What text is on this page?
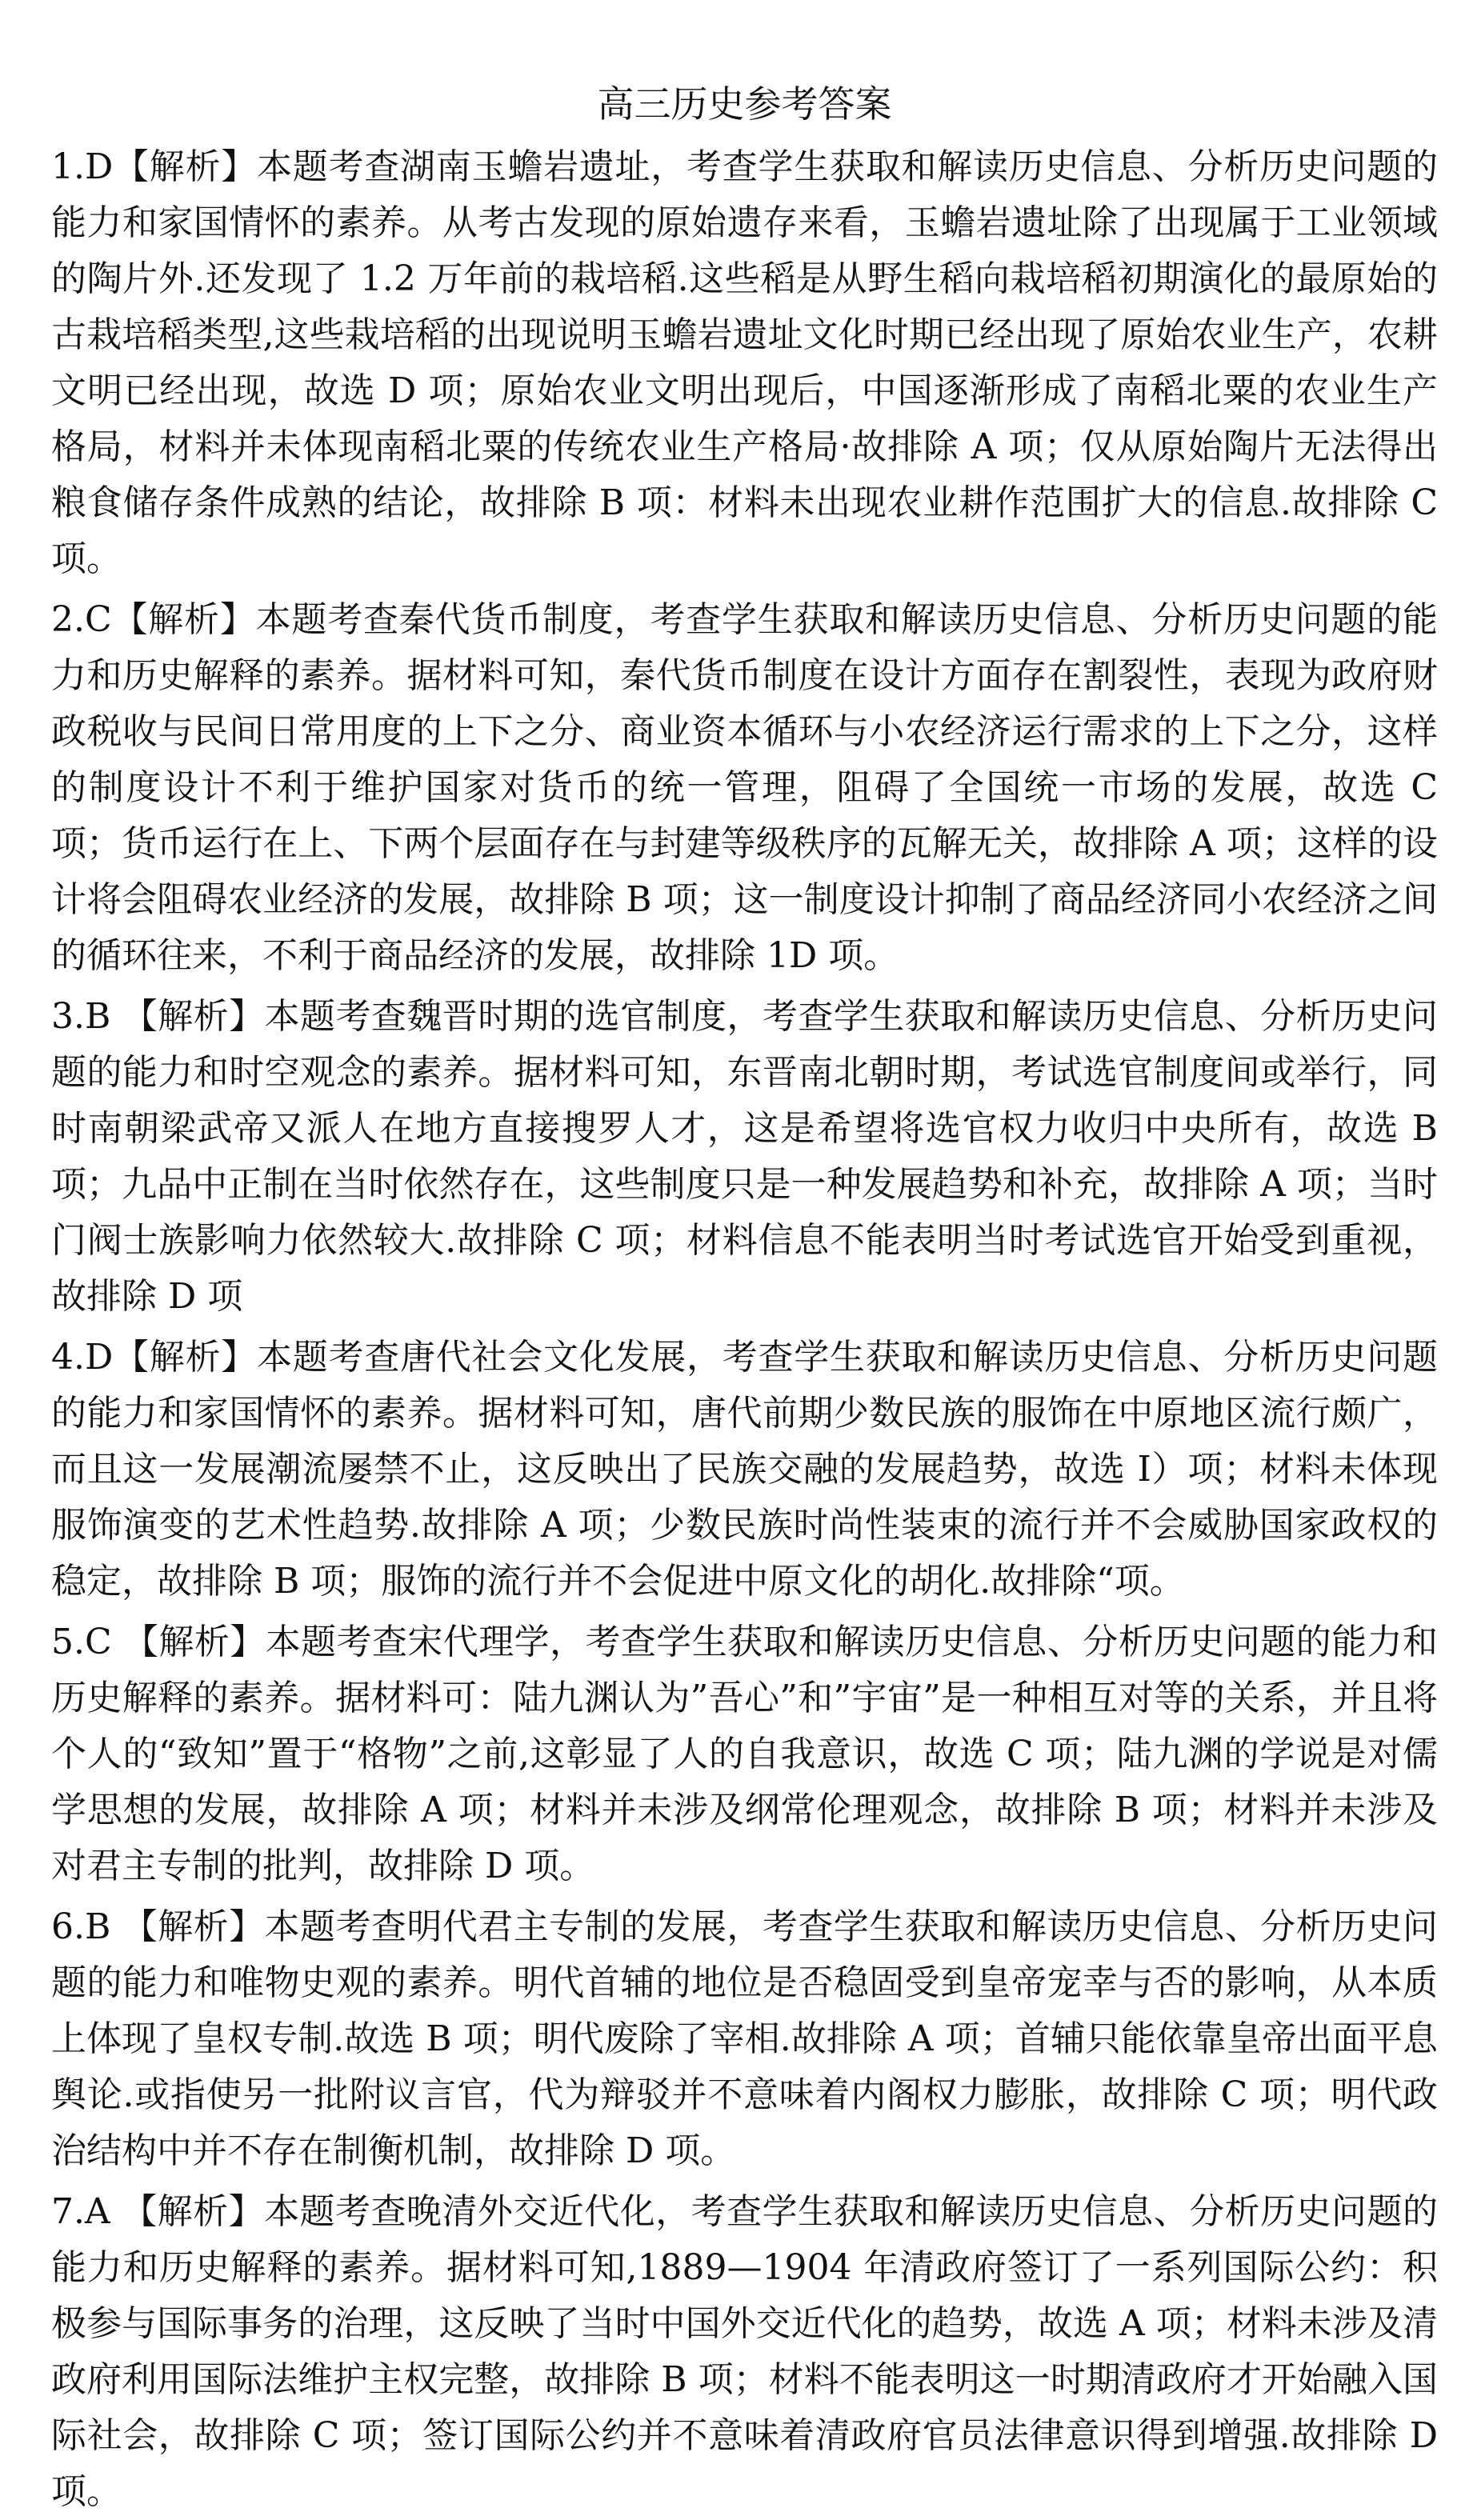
高三历史参考答案

1.D【解析】本题考查湖南玉蟾岩遗址，考查学生获取和解读历史信息、分析历史问题的能力和家国情怀的素养。从考古发现的原始遗存来看，玉蟾岩遗址除了出现属于工业领域的陶片外.还发现了 1.2 万年前的栽培稻.这些稻是从野生稻向栽培稻初期演化的最原始的古栽培稻类型,这些栽培稻的出现说明玉蟾岩遗址文化时期已经出现了原始农业生产，农耕文明已经出现，故选 D 项；原始农业文明出现后，中国逐渐形成了南稻北粟的农业生产格局，材料并未体现南稻北粟的传统农业生产格局·故排除 A 项；仅从原始陶片无法得出粮食储存条件成熟的结论，故排除 B 项：材料未出现农业耕作范围扩大的信息.故排除 C 项。

2.C【解析】本题考查秦代货币制度，考查学生获取和解读历史信息、分析历史问题的能力和历史解释的素养。据材料可知，秦代货币制度在设计方面存在割裂性，表现为政府财政税收与民间日常用度的上下之分、商业资本循环与小农经济运行需求的上下之分，这样的制度设计不利于维护国家对货币的统一管理，阻碍了全国统一市场的发展，故选 C 项；货币运行在上、下两个层面存在与封建等级秩序的瓦解无关，故排除 A 项；这样的设计将会阻碍农业经济的发展，故排除 B 项；这一制度设计抑制了商品经济同小农经济之间的循环往来，不利于商品经济的发展，故排除 1D 项。

3.B 【解析】本题考查魏晋时期的选官制度，考查学生获取和解读历史信息、分析历史问题的能力和时空观念的素养。据材料可知，东晋南北朝时期，考试选官制度间或举行，同时南朝梁武帝又派人在地方直接搜罗人才，这是希望将选官权力收归中央所有，故选 B 项；九品中正制在当时依然存在，这些制度只是一种发展趋势和补充，故排除 A 项；当时门阀士族影响力依然较大.故排除 C 项；材料信息不能表明当时考试选官开始受到重视，故排除 D 项

4.D【解析】本题考查唐代社会文化发展，考查学生获取和解读历史信息、分析历史问题的能力和家国情怀的素养。据材料可知，唐代前期少数民族的服饰在中原地区流行颇广，而且这一发展潮流屡禁不止，这反映出了民族交融的发展趋势，故选 I）项；材料未体现服饰演变的艺术性趋势.故排除 A 项；少数民族时尚性装束的流行并不会威胁国家政权的稳定，故排除 B 项；服饰的流行并不会促进中原文化的胡化.故排除“项。

5.C 【解析】本题考查宋代理学，考查学生获取和解读历史信息、分析历史问题的能力和历史解释的素养。据材料可：陆九渊认为”吾心”和”宇宙”是一种相互对等的关系，并且将个人的“致知”置于“格物”之前,这彰显了人的自我意识，故选 C 项；陆九渊的学说是对儒学思想的发展，故排除 A 项；材料并未涉及纲常伦理观念，故排除 B 项；材料并未涉及对君主专制的批判，故排除 D 项。

6.B 【解析】本题考查明代君主专制的发展，考查学生获取和解读历史信息、分析历史问题的能力和唯物史观的素养。明代首辅的地位是否稳固受到皇帝宠幸与否的影响，从本质上体现了皇权专制.故选 B 项；明代废除了宰相.故排除 A 项；首辅只能依靠皇帝出面平息舆论.或指使另一批附议言官，代为辩驳并不意味着内阁权力膨胀，故排除 C 项；明代政治结构中并不存在制衡机制，故排除 D 项。

7.A 【解析】本题考查晚清外交近代化，考查学生获取和解读历史信息、分析历史问题的能力和历史解释的素养。据材料可知,1889—1904 年清政府签订了一系列国际公约：积极参与国际事务的治理，这反映了当时中国外交近代化的趋势，故选 A 项；材料未涉及清政府利用国际法维护主权完整，故排除 B 项；材料不能表明这一时期清政府才开始融入国际社会，故排除 C 项；签订国际公约并不意味着清政府官员法律意识得到增强.故排除 D 项。
